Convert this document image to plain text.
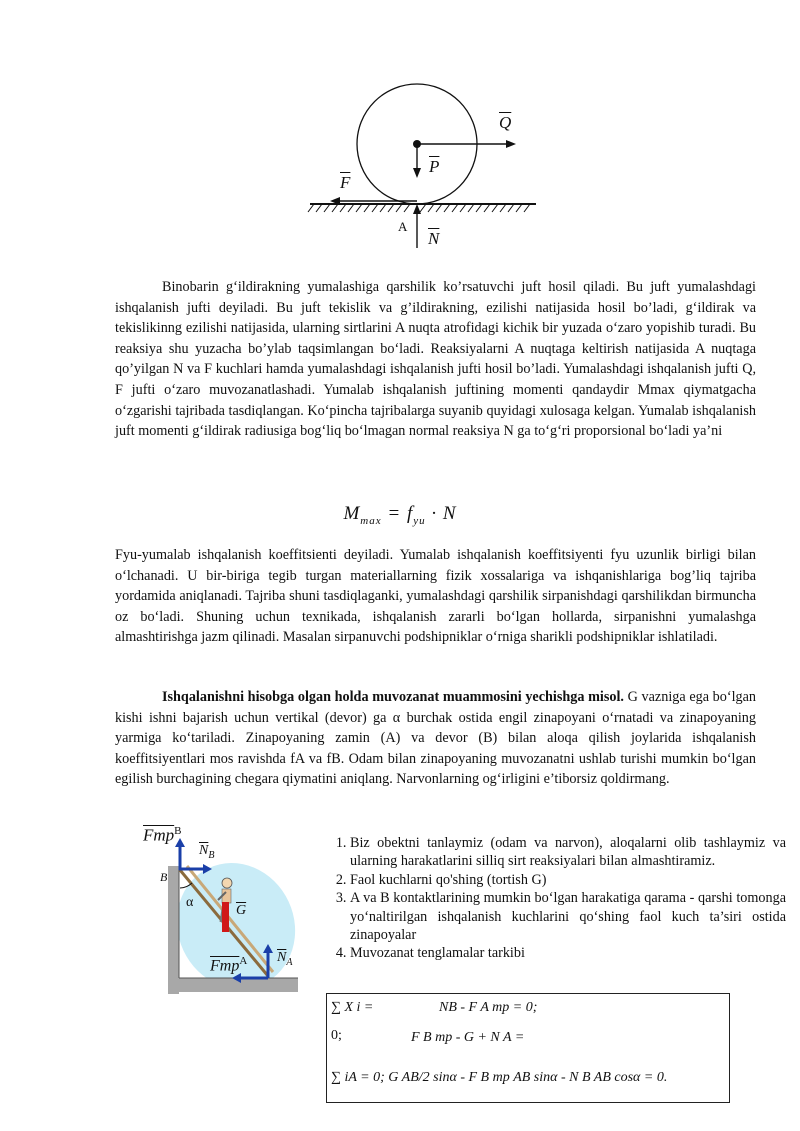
$\overline{Q}$
$\overline{P}$
$\overline{F}$
$\overline{N}$
A

Binobarin g‘ildirakning yumalashiga qarshilik ko’rsatuvchi juft hosil qiladi. Bu juft yumalashdagi ishqalanish jufti deyiladi. Bu juft tekislik va g’ildirakning, ezilishi natijasida hosil bo’ladi, g‘ildirak va tekislikinng ezilishi natijasida, ularning sirtlarini A nuqta atrofidagi kichik bir yuzada o‘zaro yopishib turadi. Bu reaksiya shu yuzacha bo’ylab taqsimlangan bo‘ladi. Reaksiyalarni A nuqtaga keltirish natijasida A nuqtaga qo’yilgan N va F kuchlari hamda yumalashdagi ishqalanish jufti hosil bo’ladi. Yumalashdagi ishqalanish jufti Q, F jufti o‘zaro muvozanatlashadi. Yumalab ishqalanish juftining momenti qandaydir Mmax qiymatgacha o‘zgarishi tajribada tasdiqlangan. Ko‘pincha tajribalarga suyanib quyidagi xulosaga kelgan. Yumalab ishqalanish juft momenti g‘ildirak radiusiga bog‘liq bo‘lmagan normal reaksiya N ga to‘g‘ri proporsional bo‘ladi ya’ni

$M_{max} = f_{yu} \cdot N$

Fyu-yumalab ishqalanish koeffitsienti deyiladi. Yumalab ishqalanish koeffitsiyenti fyu uzunlik birligi bilan o‘lchanadi. U bir-biriga tegib turgan materiallarning fizik xossalariga va ishqanishlariga bog’liq tajriba yordamida aniqlanadi. Tajriba shuni tasdiqlaganki, yumalashdagi qarshilik sirpanishdagi qarshilikdan birmuncha oz bo‘ladi. Shuning uchun texnikada, ishqalanish zararli bo‘lgan hollarda, sirpanishni yumalashga almashtirishga jazm qilinadi. Masalan sirpanuvchi podshipniklar o‘rniga sharikli podshipniklar ishlatiladi.

Ishqalanishni hisobga olgan holda muvozanat muammosini yechishga misol. G vazniga ega bo‘lgan kishi ishni bajarish uchun vertikal (devor) ga α burchak ostida engil zinapoyani o‘rnatadi va zinapoyaning yarmiga ko‘tariladi. Zinapoyaning zamin (A) va devor (B) bilan aloqa qilish joylarida ishqalanish koeffitsiyentlari mos ravishda fA va fB. Odam bilan zinapoyaning muvozanatni ushlab turishi mumkin bo‘lgan egilish burchagining chegara qiymatini aniqlang. Narvonlarning og‘irligini e’tiborsiz qoldirmang.

Fтр$^B$
$\overline{N}_B$
B
α
$\overline{G}$
Fтр$^A$ $\overline{N}_A$
1. Biz obektni tanlaymiz (odam va narvon), aloqalarni olib tashlaymiz va ularning harakatlarini silliq sirt reaksiyalari bilan almashtiramiz.
2. Faol kuchlarni qo'shing (tortish G)
3. A va B kontaktlarining mumkin bo‘lgan harakatiga qarama - qarshi tomonga yo‘naltirilgan ishqalanish kuchlarini qo‘shing faol kuch ta’siri ostida zinapoyalar
4. Muvozanat tenglamalar tarkibi
∑ X i =	NB - F A тр = 0;
0;	F B тр - G + N A =
∑ iA = 0; G AB/2 sinα - F B тр AB sinα - N B AB cosα = 0.
